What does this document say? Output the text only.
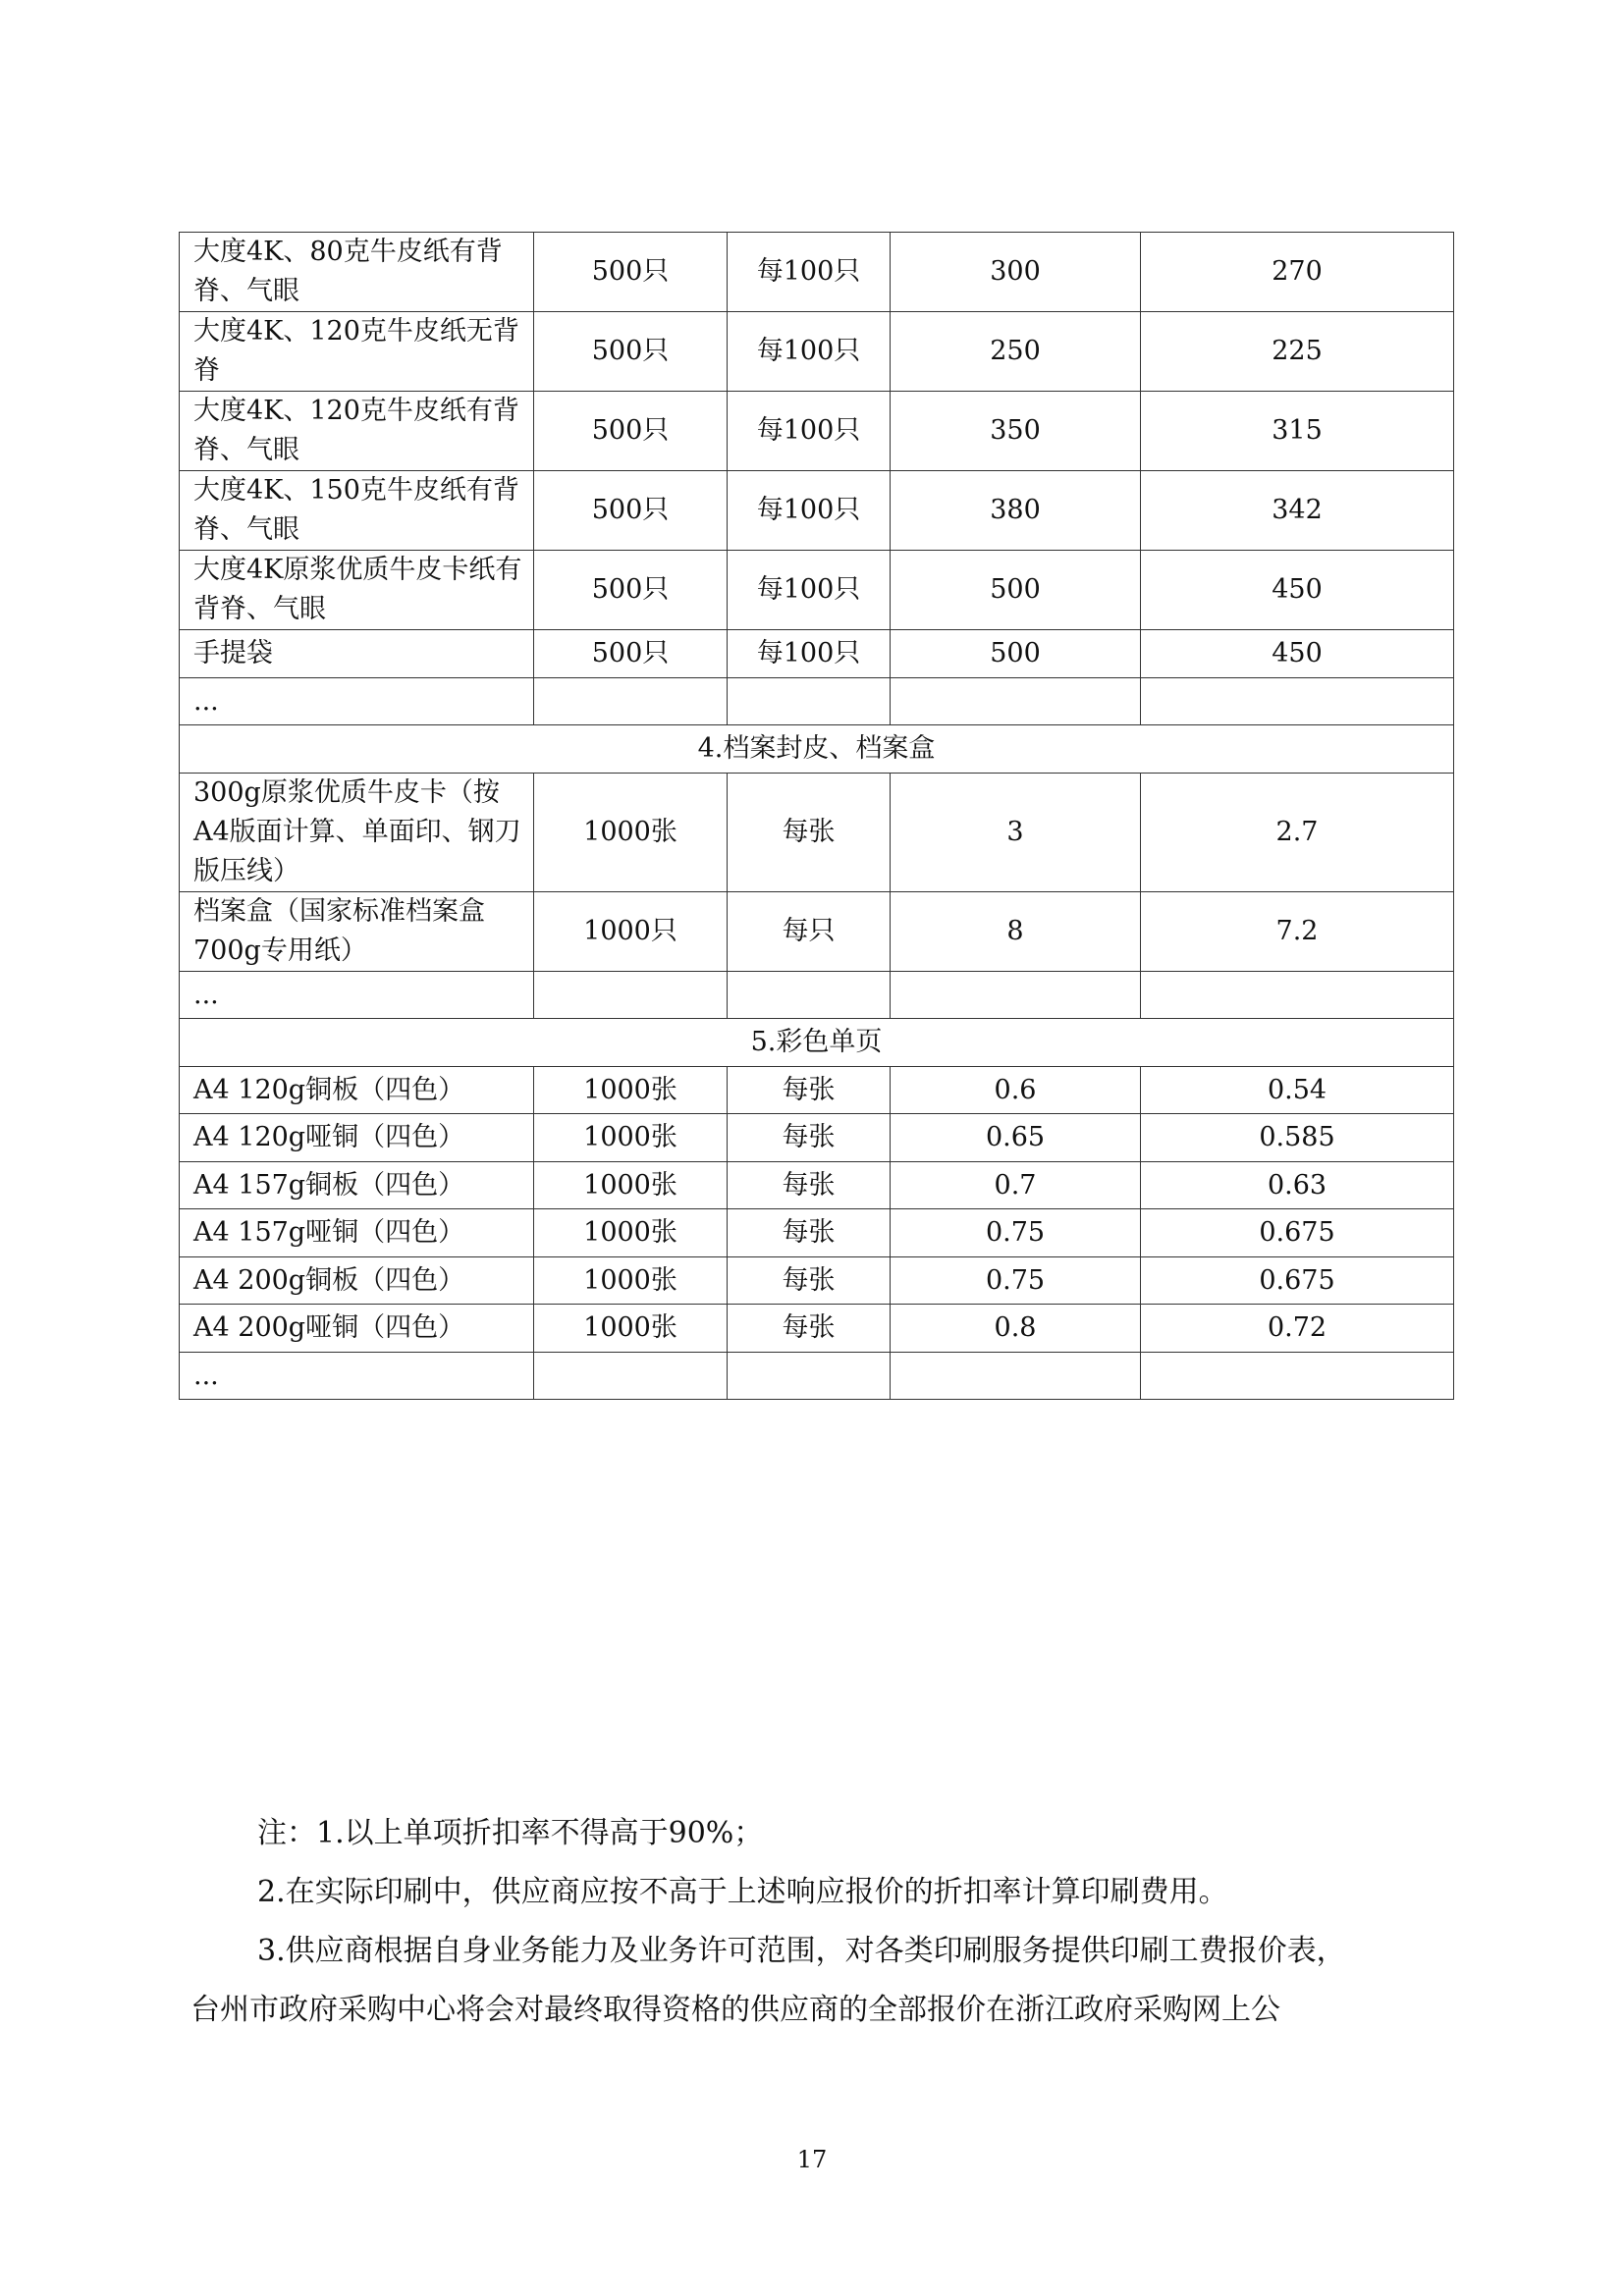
大度4K、80克牛皮纸有背脊、气眼	500只	每100只	300	270
大度4K、120克牛皮纸无背脊	500只	每100只	250	225
大度4K、120克牛皮纸有背脊、气眼	500只	每100只	350	315
大度4K、150克牛皮纸有背脊、气眼	500只	每100只	380	342
大度4K原浆优质牛皮卡纸有背脊、气眼	500只	每100只	500	450
手提袋	500只	每100只	500	450
...				
4.档案封皮、档案盒				
300g原浆优质牛皮卡（按A4版面计算、单面印、钢刀版压线）	1000张	每张	3	2.7
档案盒（国家标准档案盒700g专用纸）	1000只	每只	8	7.2
...				
5.彩色单页				
A4 120g铜板（四色）	1000张	每张	0.6	0.54
A4 120g哑铜（四色）	1000张	每张	0.65	0.585
A4 157g铜板（四色）	1000张	每张	0.7	0.63
A4 157g哑铜（四色）	1000张	每张	0.75	0.675
A4 200g铜板（四色）	1000张	每张	0.75	0.675
A4 200g哑铜（四色）	1000张	每张	0.8	0.72
...				

注：1.以上单项折扣率不得高于90%；

2.在实际印刷中，供应商应按不高于上述响应报价的折扣率计算印刷费用。

3.供应商根据自身业务能力及业务许可范围，对各类印刷服务提供印刷工费报价表，

台州市政府采购中心将会对最终取得资格的供应商的全部报价在浙江政府采购网上公

17
